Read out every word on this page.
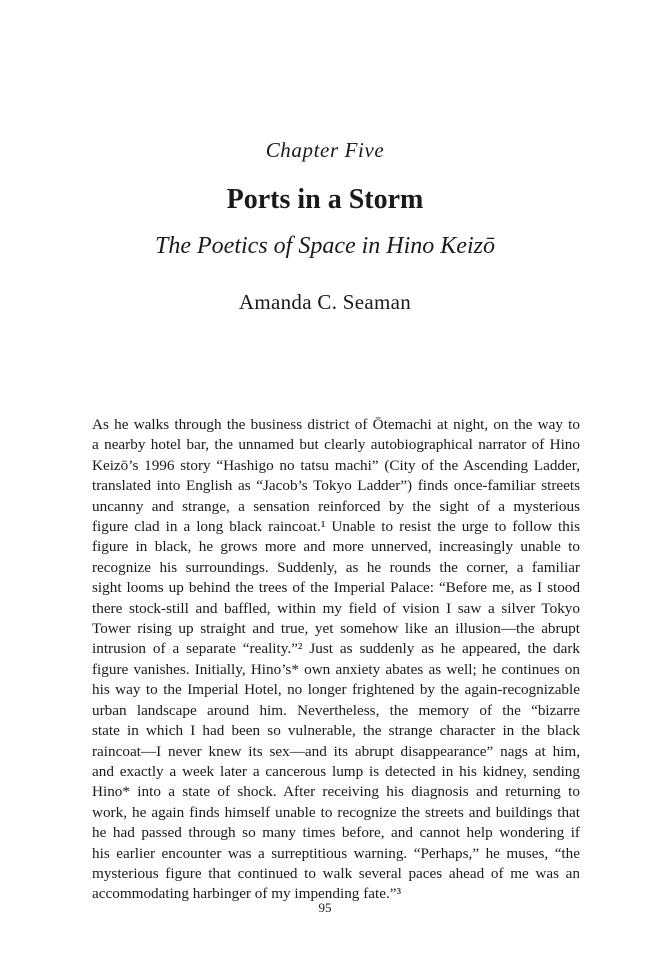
Chapter Five
Ports in a Storm
The Poetics of Space in Hino Keizō
Amanda C. Seaman

As he walks through the business district of Ōtemachi at night, on the way to
a nearby hotel bar, the unnamed but clearly autobiographical narrator of Hino
Keizō’s 1996 story “Hashigo no tatsu machi” (City of the Ascending Ladder,
translated into English as “Jacob’s Tokyo Ladder”) finds once-familiar streets
uncanny and strange, a sensation reinforced by the sight of a mysterious
figure clad in a long black raincoat.¹ Unable to resist the urge to follow this
figure in black, he grows more and more unnerved, increasingly unable to
recognize his surroundings. Suddenly, as he rounds the corner, a familiar
sight looms up behind the trees of the Imperial Palace: “Before me, as I stood
there stock-still and baffled, within my field of vision I saw a silver Tokyo
Tower rising up straight and true, yet somehow like an illusion—the abrupt
intrusion of a separate “reality.”² Just as suddenly as he appeared, the dark
figure vanishes. Initially, Hino’s* own anxiety abates as well; he continues on
his way to the Imperial Hotel, no longer frightened by the again-recognizable
urban landscape around him. Nevertheless, the memory of the “bizarre
state in which I had been so vulnerable, the strange character in the black
raincoat—I never knew its sex—and its abrupt disappearance” nags at him,
and exactly a week later a cancerous lump is detected in his kidney, sending
Hino* into a state of shock. After receiving his diagnosis and returning to
work, he again finds himself unable to recognize the streets and buildings that
he had passed through so many times before, and cannot help wondering if
his earlier encounter was a surreptitious warning. “Perhaps,” he muses, “the
mysterious figure that continued to walk several paces ahead of me was an
accommodating harbinger of my impending fate.”³

95
